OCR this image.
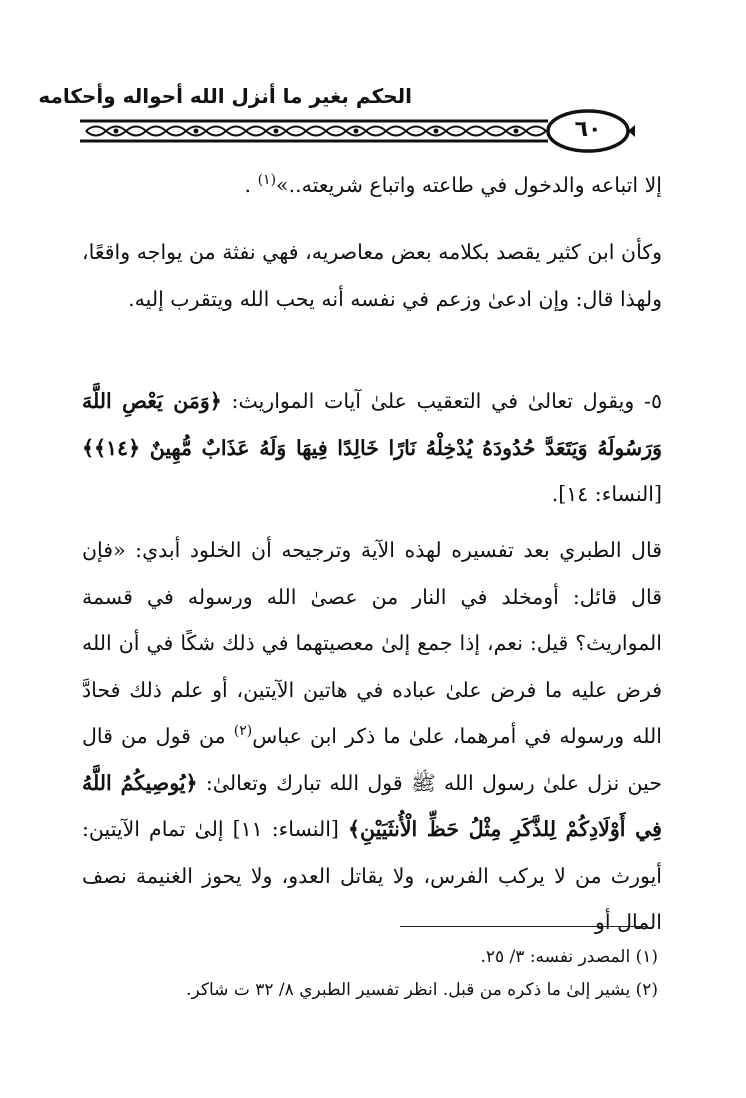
الحكم بغير ما أنزل الله أحواله وأحكامه
٦٠

إلا اتباعه والدخول في طاعته واتباع شريعته..»$^{(١)}$ .

وكأن ابن كثير يقصد بكلامه بعض معاصريه، فهي نفثة من يواجه واقعًا، ولهذا قال: وإن ادعىٰ وزعم في نفسه أنه يحب الله ويتقرب إليه.

٥- ويقول تعالىٰ في التعقيب علىٰ آيات المواريث: ﴿وَمَن يَعْصِ اللَّهَ وَرَسُولَهُ وَيَتَعَدَّ حُدُودَهُ يُدْخِلْهُ نَارًا خَالِدًا فِيهَا وَلَهُ عَذَابٌ مُّهِينٌ ﴿١٤﴾﴾ [النساء: ١٤].

قال الطبري بعد تفسيره لهذه الآية وترجيحه أن الخلود أبدي: «فإن قال قائل: أومخلد في النار من عصىٰ الله ورسوله في قسمة المواريث؟ قيل: نعم، إذا جمع إلىٰ معصيتهما في ذلك شكًا في أن الله فرض عليه ما فرض علىٰ عباده في هاتين الآيتين، أو علم ذلك فحادَّ الله ورسوله في أمرهما، علىٰ ما ذكر ابن عباس$^{(٢)}$ من قول من قال حين نزل علىٰ رسول الله ﷺ قول الله تبارك وتعالىٰ: ﴿يُوصِيكُمُ اللَّهُ فِي أَوْلَادِكُمْ لِلذَّكَرِ مِثْلُ حَظِّ الْأُنثَيَيْنِ﴾ [النساء: ١١] إلىٰ تمام الآيتين: أيورث من لا يركب الفرس، ولا يقاتل العدو، ولا يحوز الغنيمة نصف المال أو

(١) المصدر نفسه: ٣/ ٢٥.

(٢) يشير إلىٰ ما ذكره من قبل. انظر تفسير الطبري ٨/ ٣٢ ت شاكر.
